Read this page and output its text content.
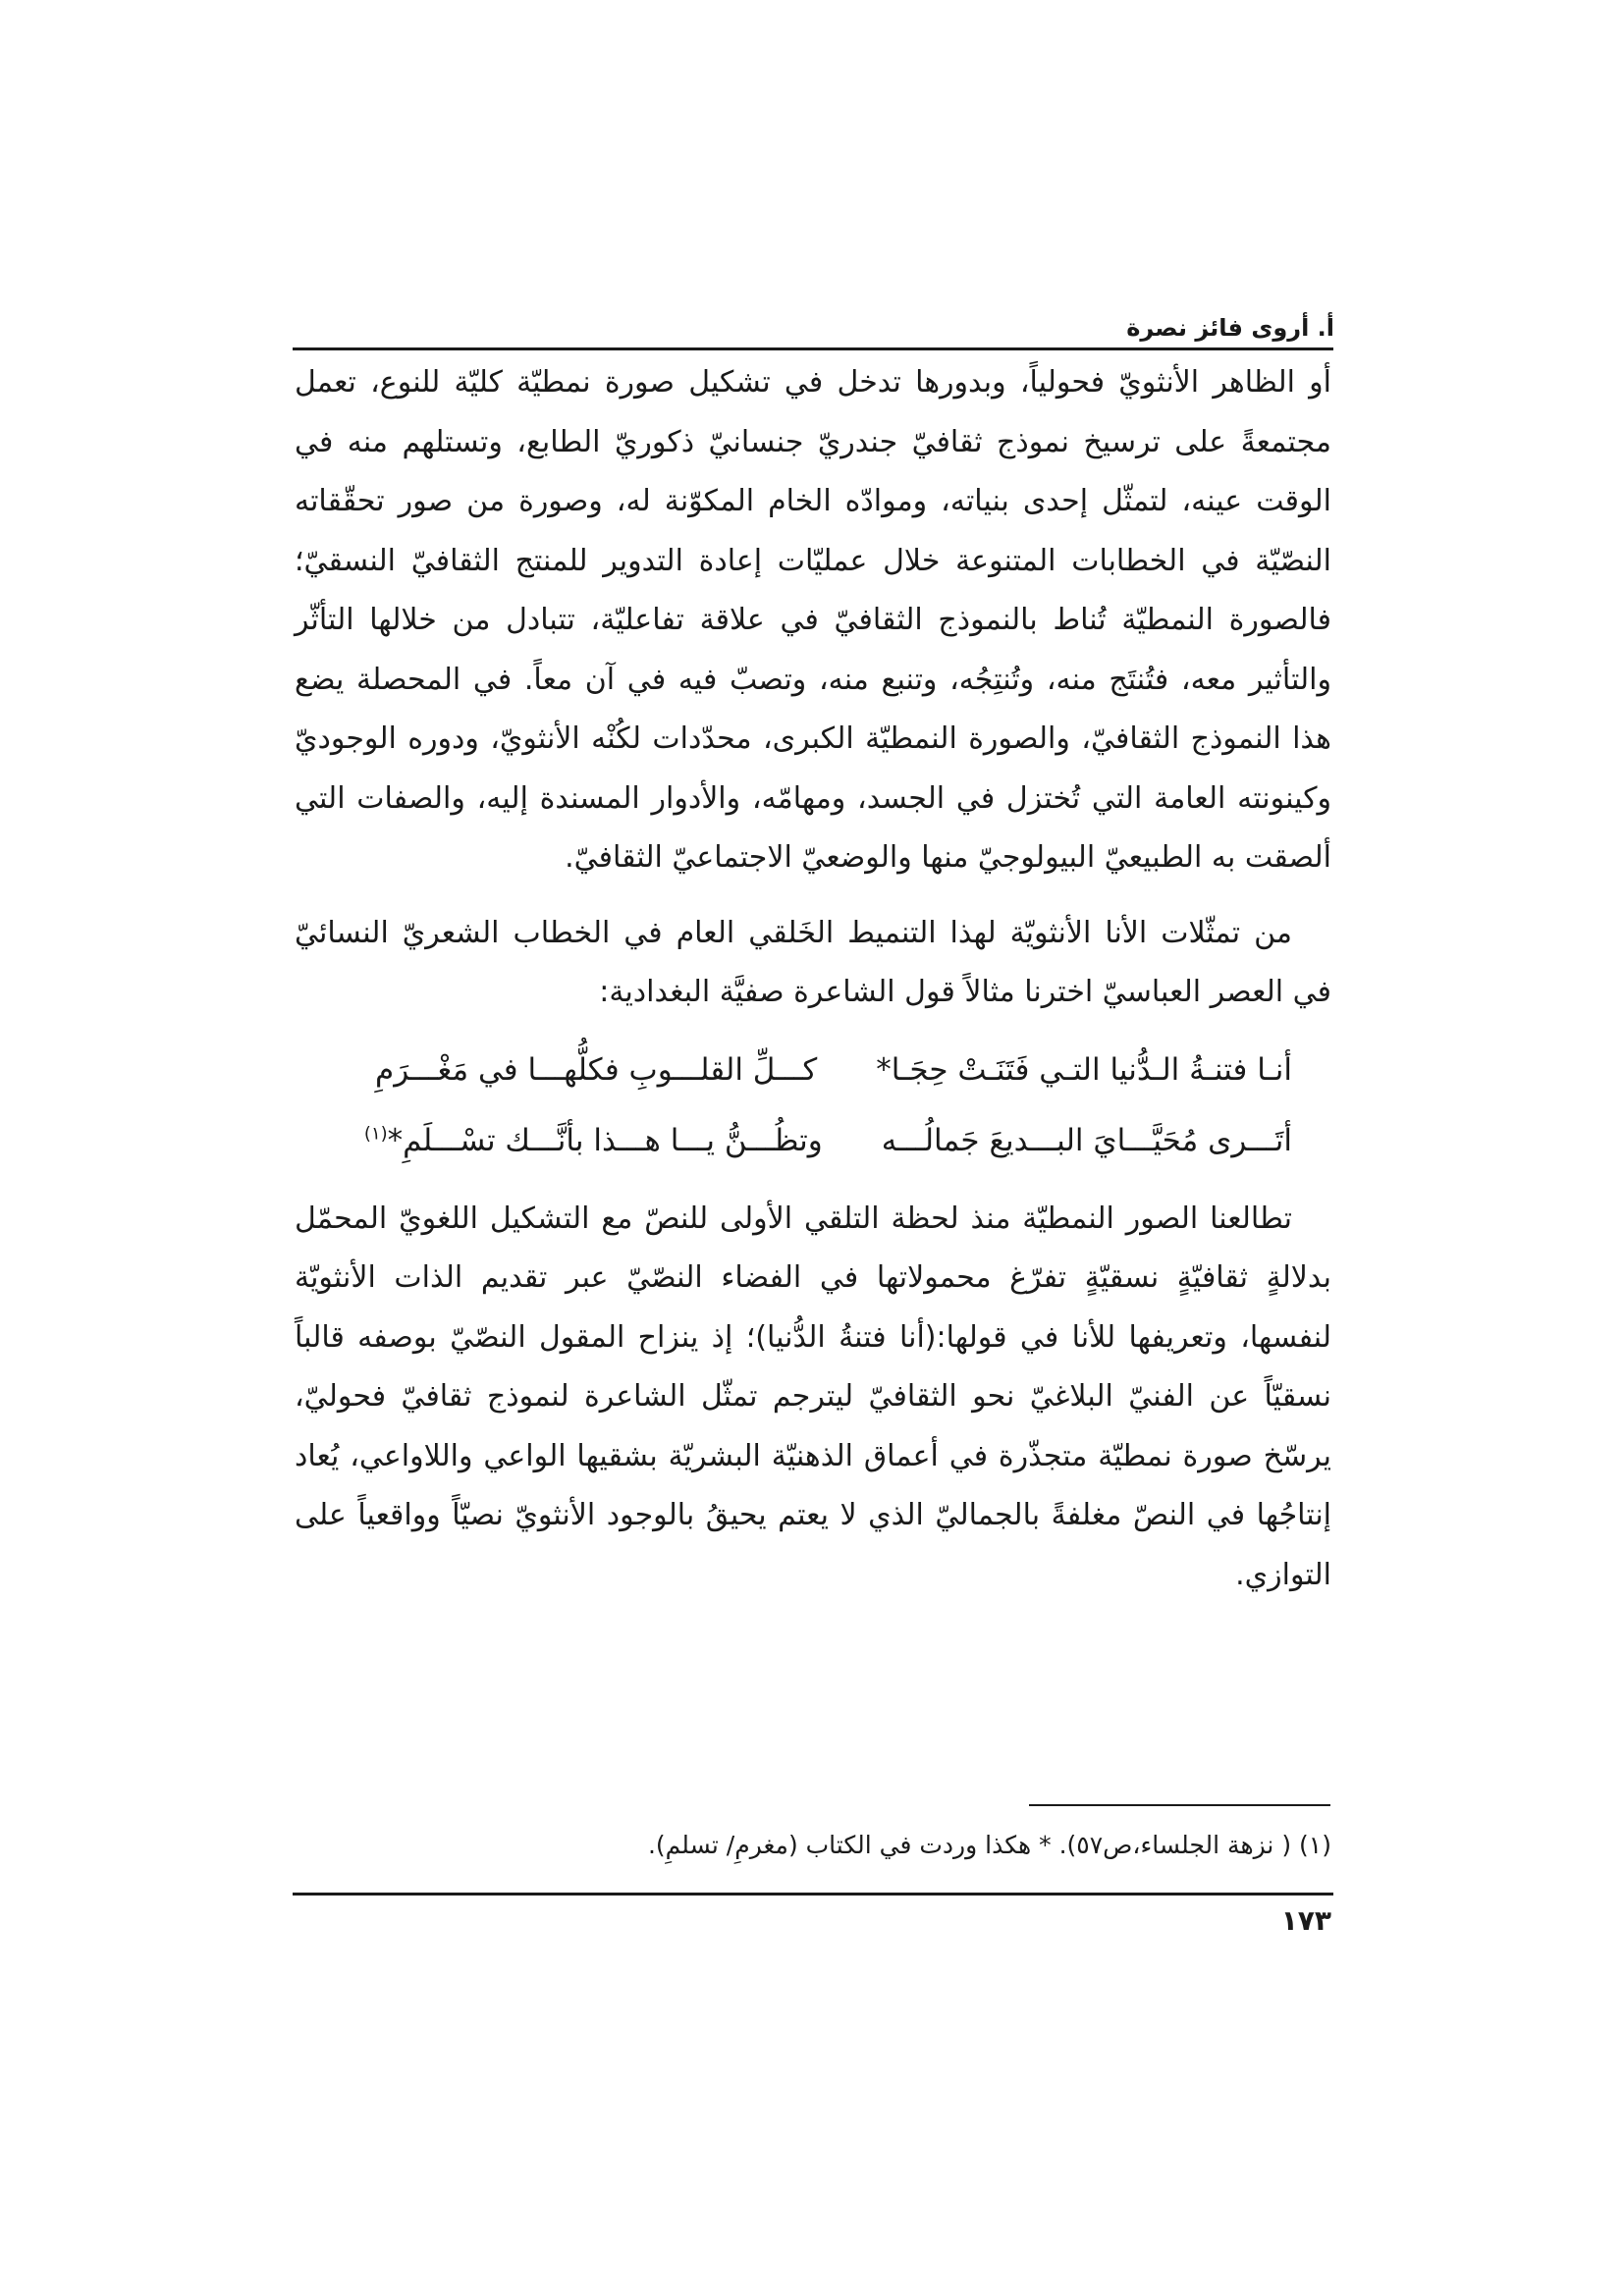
أ. أروى فائز نصرة

أو الظاهر الأنثويّ فحولياً، وبدورها تدخل في تشكيل صورة نمطيّة كليّة للنوع، تعمل مجتمعةً على ترسيخ نموذج ثقافيّ جندريّ جنسانيّ ذكوريّ الطابع، وتستلهم منه في الوقت عينه، لتمثّل إحدى بنياته، وموادّه الخام المكوّنة له، وصورة من صور تحقّقاته النصّيّة في الخطابات المتنوعة خلال عمليّات إعادة التدوير للمنتج الثقافيّ النسقيّ؛ فالصورة النمطيّة تُناط بالنموذج الثقافيّ في علاقة تفاعليّة، تتبادل من خلالها التأثّر والتأثير معه، فتُنتَج منه، وتُنتِجُه، وتنبع منه، وتصبّ فيه في آن معاً. في المحصلة يضع هذا النموذج الثقافيّ، والصورة النمطيّة الكبرى، محدّدات لكُنْه الأنثويّ، ودوره الوجوديّ وكينونته العامة التي تُختزل في الجسد، ومهامّه، والأدوار المسندة إليه، والصفات التي ألصقت به الطبيعيّ البيولوجيّ منها والوضعيّ الاجتماعيّ الثقافيّ.

من تمثّلات الأنا الأنثويّة لهذا التنميط الخَلقي العام في الخطاب الشعريّ النسائيّ في العصر العباسيّ اخترنا مثالاً قول الشاعرة صفيَّة البغدادية:

أنـا فتنـةُ الـدُّنيا التـي فَتَنَـتْ حِجَـا*
كـــلِّ القلـــوبِ فكلُّهـــا في مَغْـــرَمِ
أتَـــرى مُحَيَّـــايَ البـــديعَ جَمالُـــه
وتظُـــنُّ يـــا هـــذا بأنَّـــك تسْـــلَمِ*$^{(١)}$

تطالعنا الصور النمطيّة منذ لحظة التلقي الأولى للنصّ مع التشكيل اللغويّ المحمّل بدلالةٍ ثقافيّةٍ نسقيّةٍ تفرّغ محمولاتها في الفضاء النصّيّ عبر تقديم الذات الأنثويّة لنفسها، وتعريفها للأنا في قولها:(أنا فتنةُ الدُّنيا)؛ إذ ينزاح المقول النصّيّ بوصفه قالباً نسقيّاً عن الفنيّ البلاغيّ نحو الثقافيّ ليترجم تمثّل الشاعرة لنموذج ثقافيّ فحوليّ، يرسّخ صورة نمطيّة متجذّرة في أعماق الذهنيّة البشريّة بشقيها الواعي واللاواعي، يُعاد إنتاجُها في النصّ مغلفةً بالجماليّ الذي لا يعتم يحيقُ بالوجود الأنثويّ نصيّاً وواقعياً على التوازي.

(١) ( نزهة الجلساء،ص٥٧). * هكذا وردت في الكتاب (مغرمِ/ تسلمِ).
١٧٣
